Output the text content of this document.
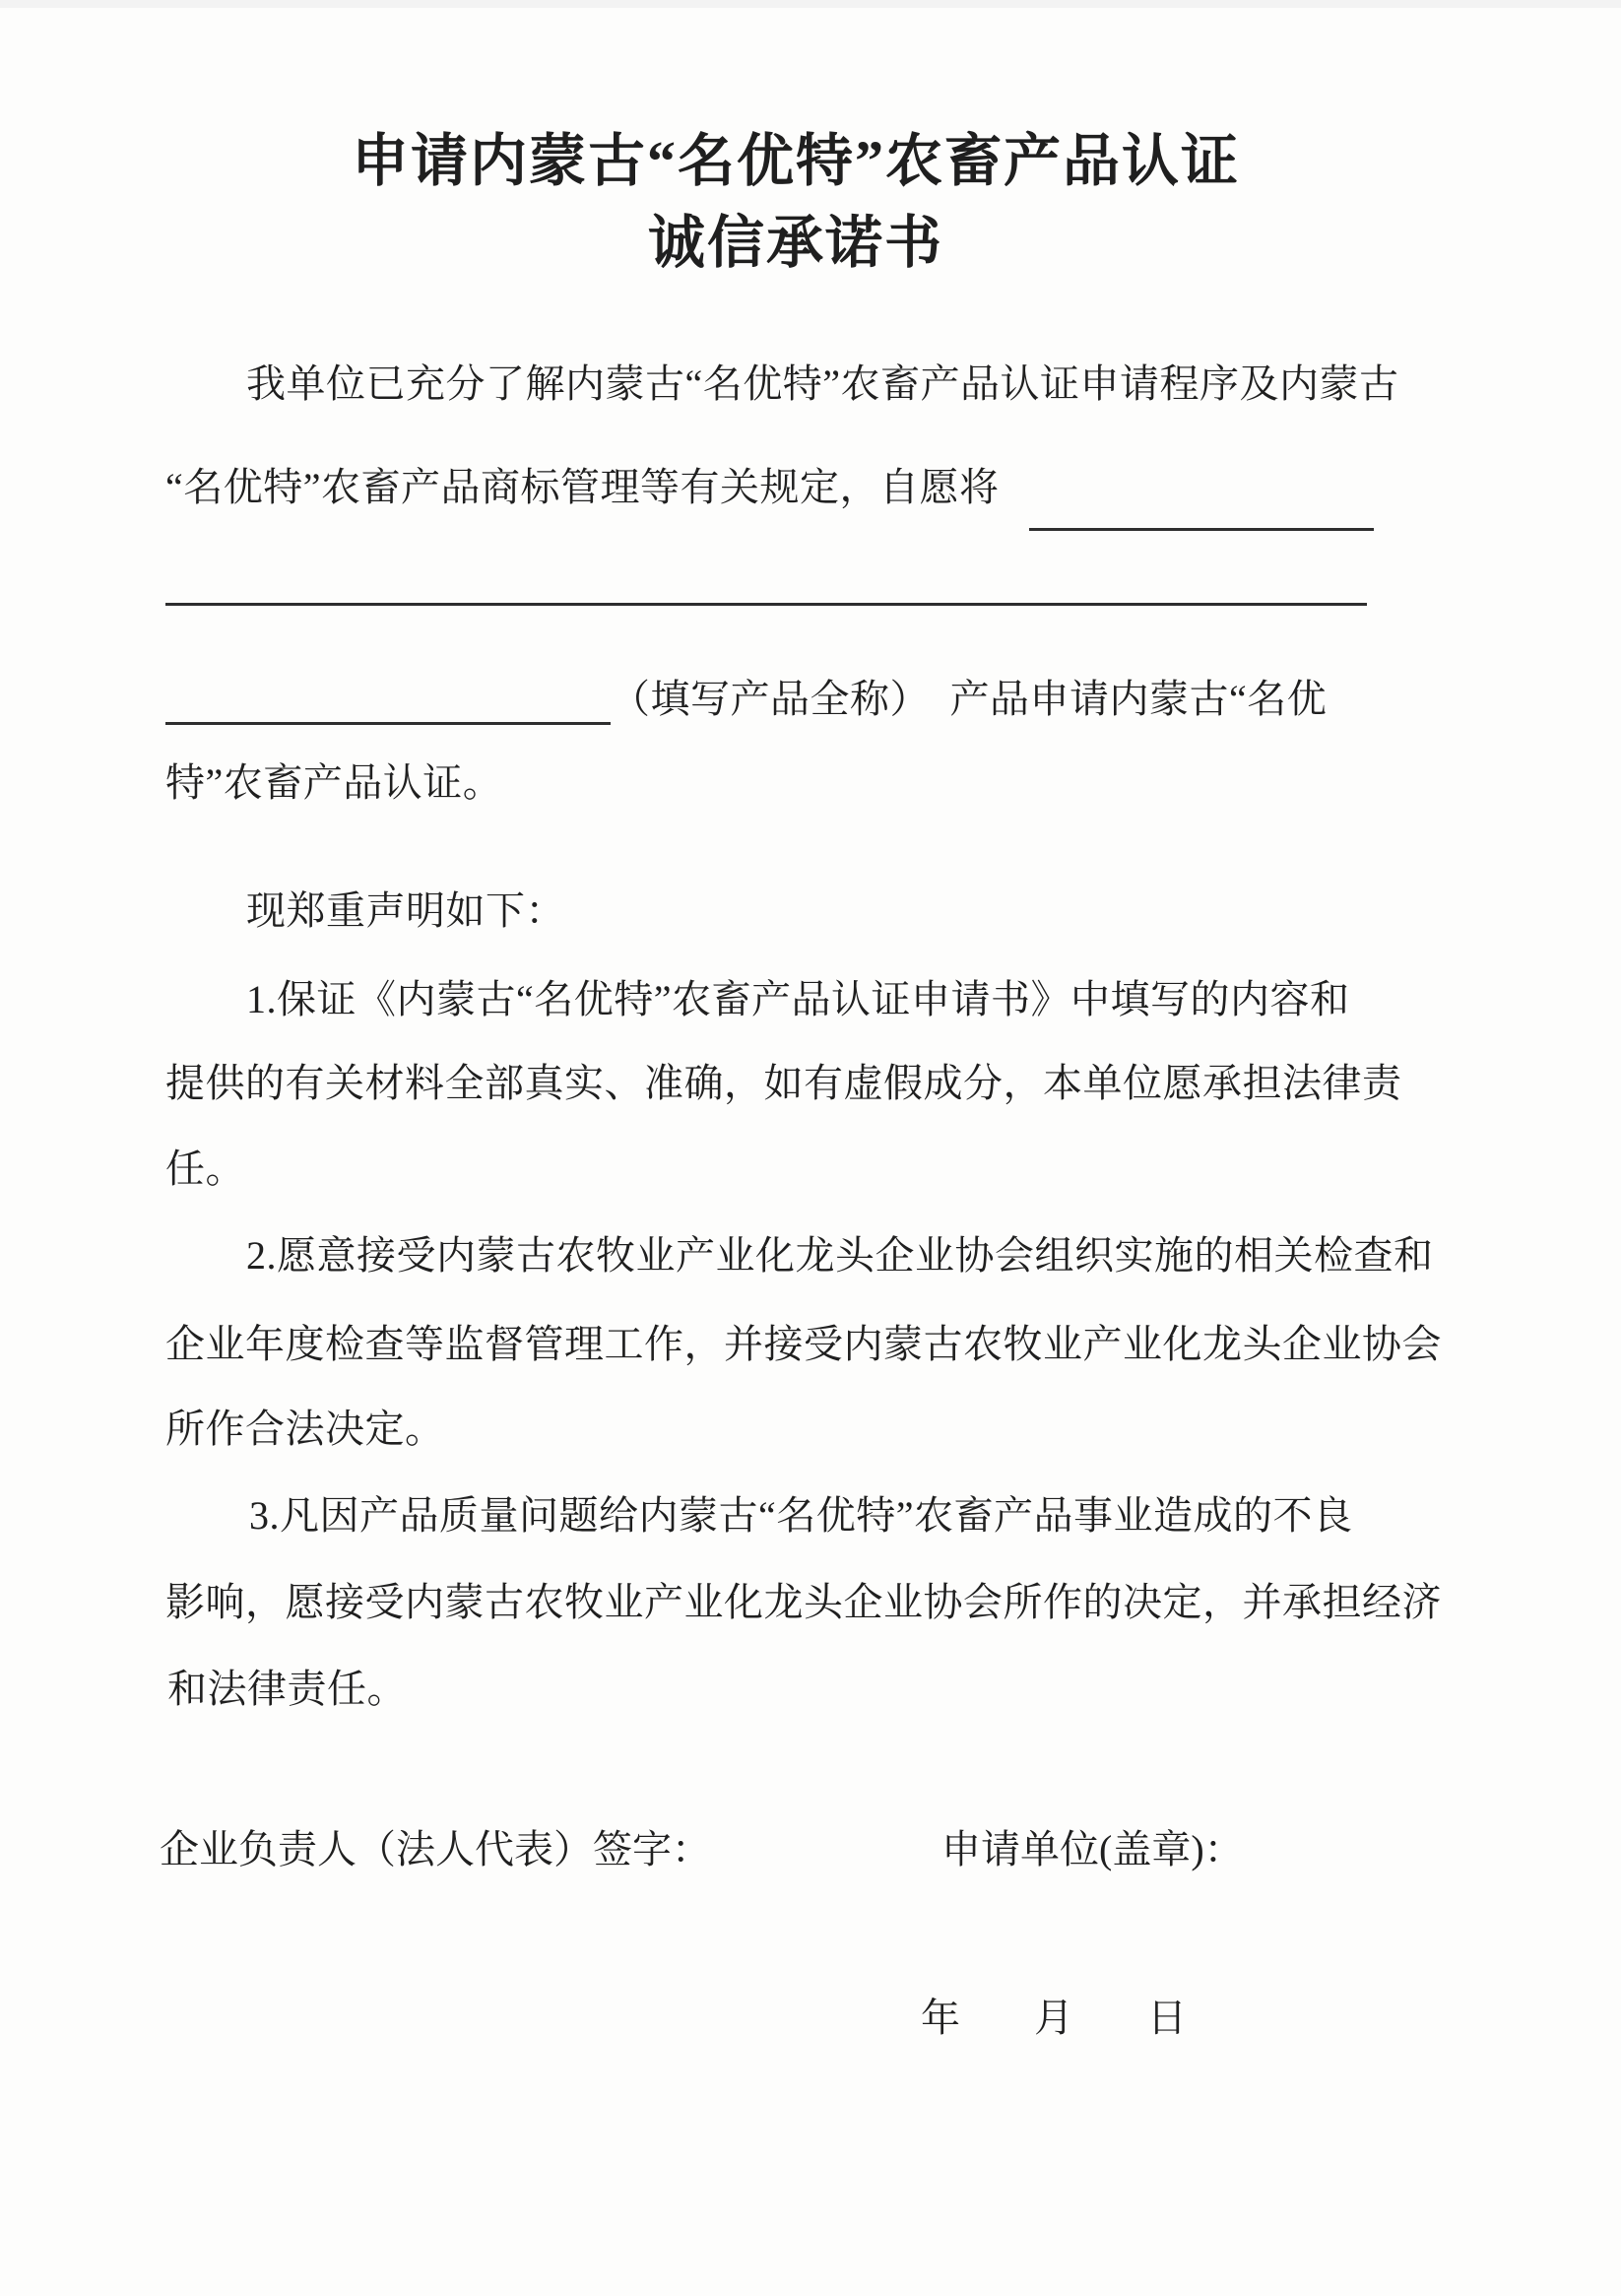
申请内蒙古“名优特”农畜产品认证
诚信承诺书
我单位已充分了解内蒙古“名优特”农畜产品认证申请程序及内蒙古
“名优特”农畜产品商标管理等有关规定，自愿将
（填写产品全称）　产品申请内蒙古“名优
特”农畜产品认证。
现郑重声明如下：
1.保证《内蒙古“名优特”农畜产品认证申请书》中填写的内容和
提供的有关材料全部真实、准确，如有虚假成分，本单位愿承担法律责
任。
2.愿意接受内蒙古农牧业产业化龙头企业协会组织实施的相关检查和
企业年度检查等监督管理工作，并接受内蒙古农牧业产业化龙头企业协会
所作合法决定。
3.凡因产品质量问题给内蒙古“名优特”农畜产品事业造成的不良
影响，愿接受内蒙古农牧业产业化龙头企业协会所作的决定，并承担经济
和法律责任。

企业负责人（法人代表）签字：

	申请单位(盖章)：

年 月 日
